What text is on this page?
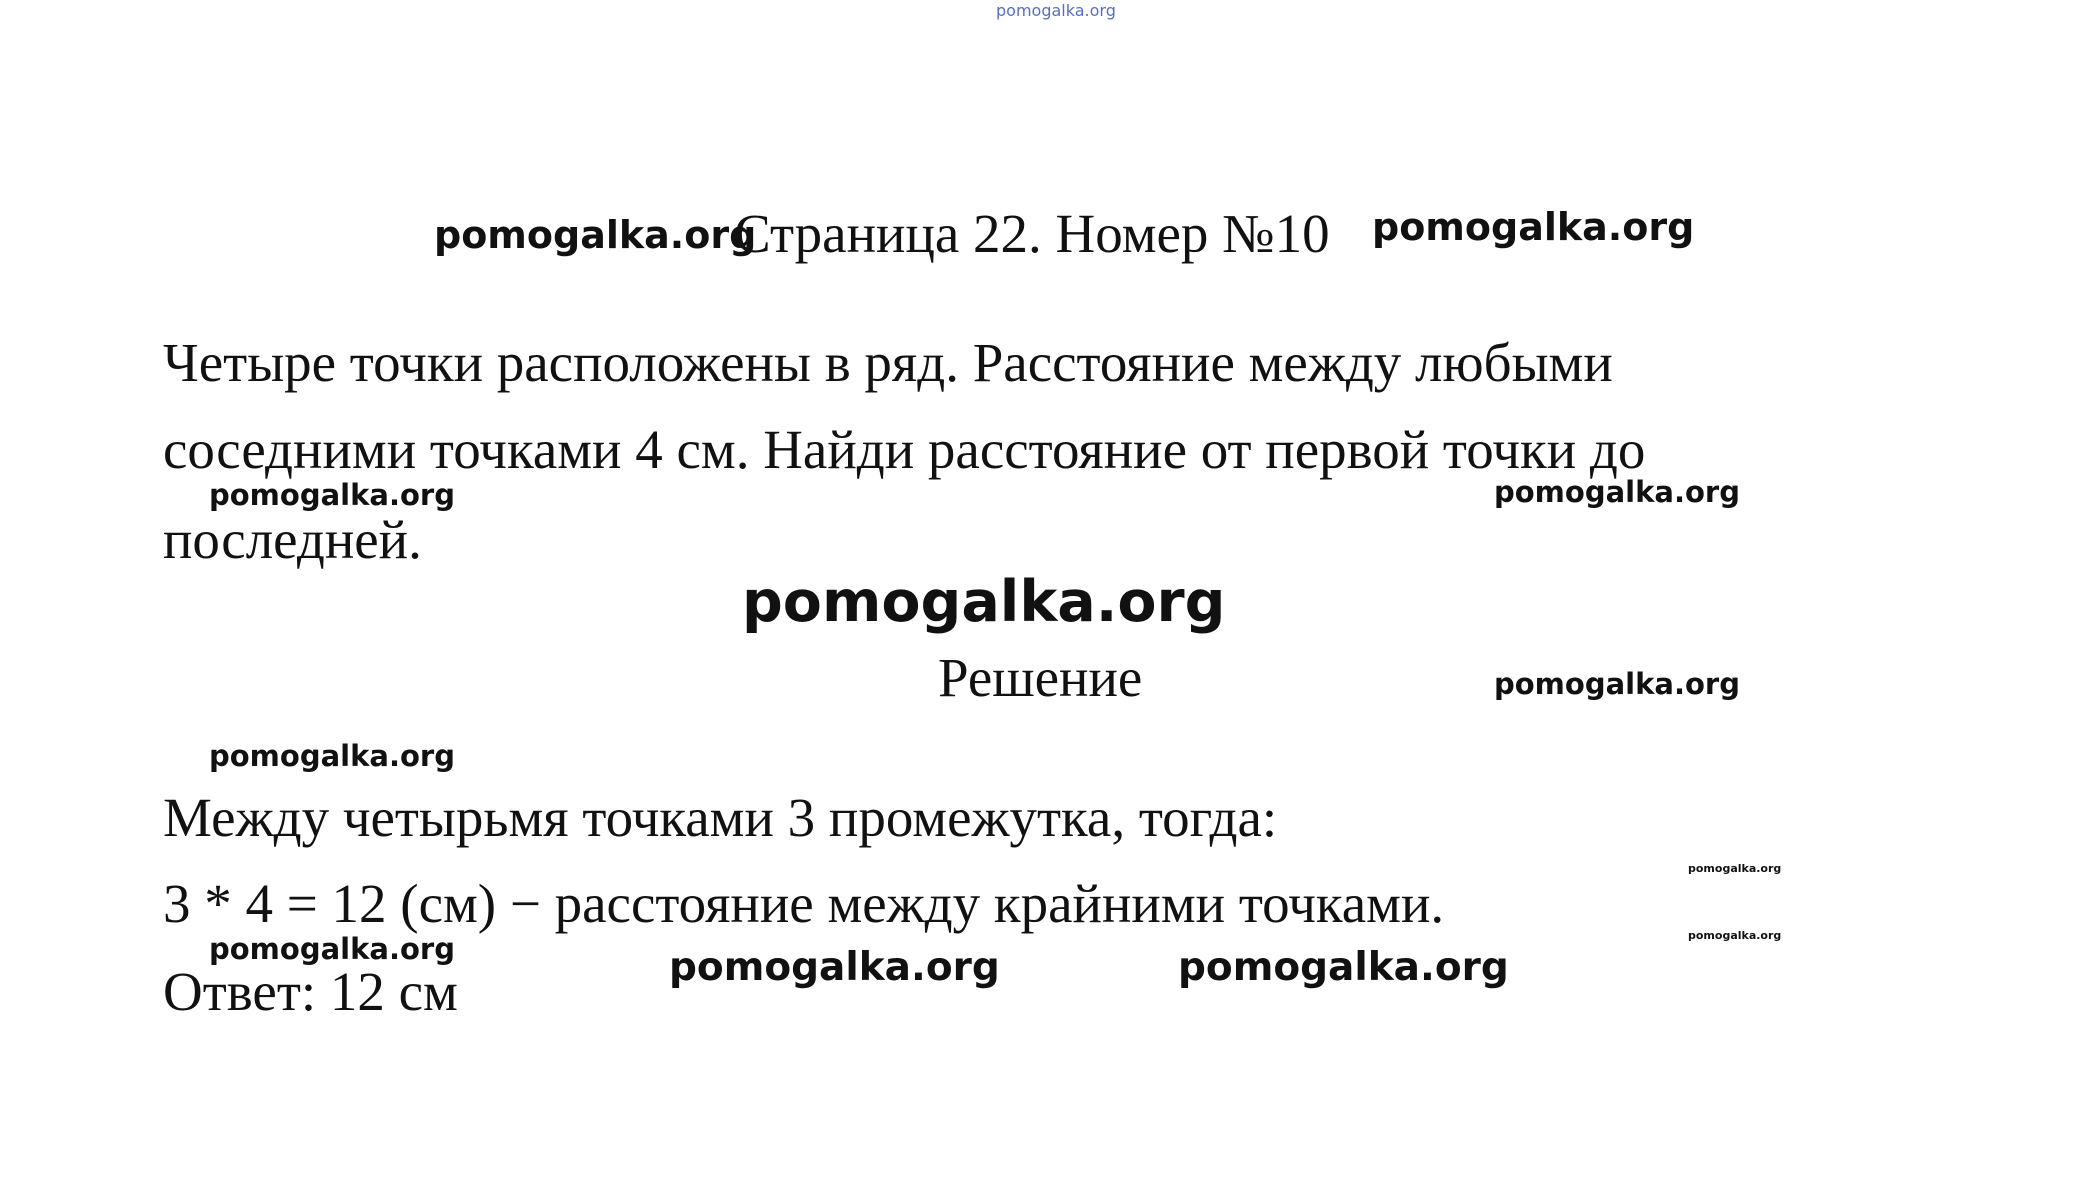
pomogalka.org
pomogalka.org
Страница 22. Номер №10 pomogalka.org
Четыре точки расположены в ряд. Расстояние между любыми
соседними точками 4 см. Найди расстояние от первой точки до
последней.
pomogalka.org	pomogalka.org
pomogalka.org
Решение	pomogalka.org
pomogalka.org
Между четырьмя точками 3 промежутка, тогда:
pomogalka.org
3 * 4 = 12 (см) − расстояние между крайними точками.
pomogalka.org
pomogalka.org
Ответ: 12 см	pomogalka.org	pomogalka.org
